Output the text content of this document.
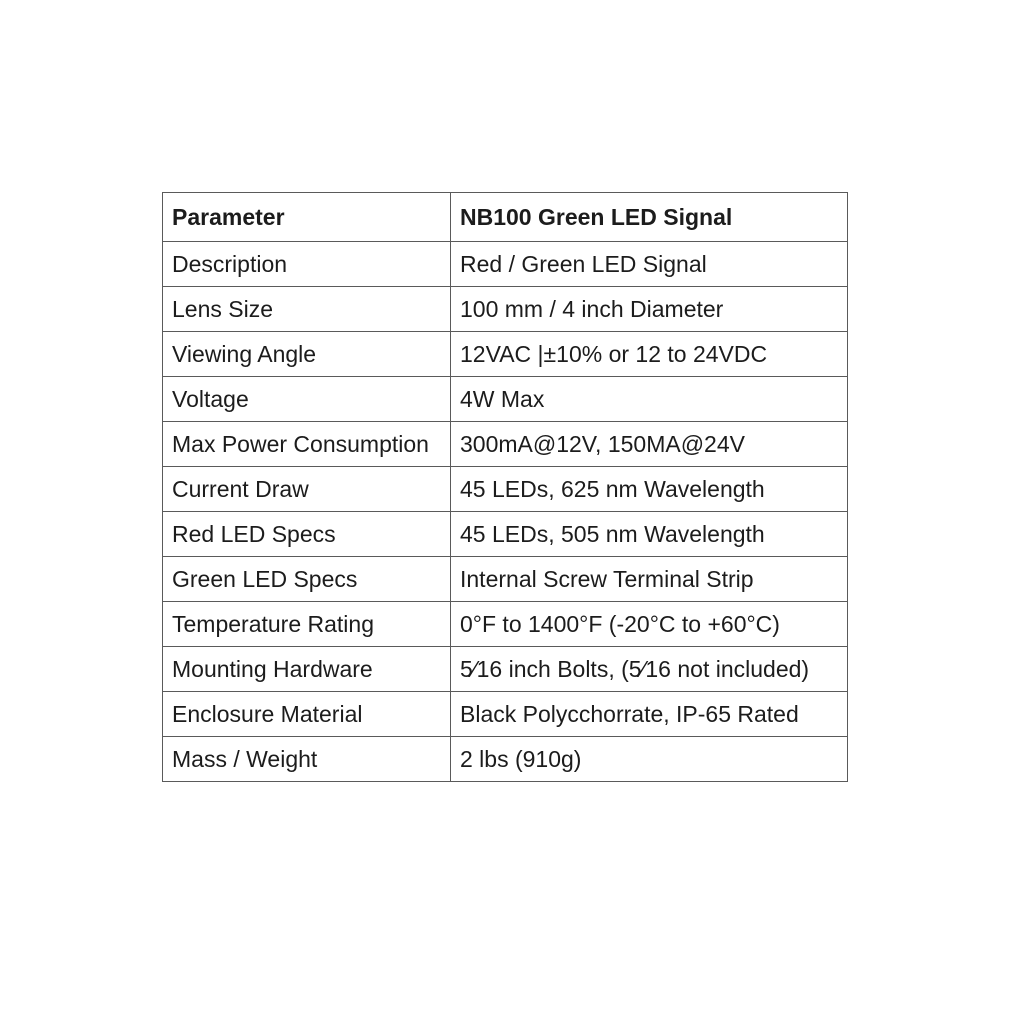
Parameter	NB100 Green LED Signal
Description	Red / Green LED Signal
Lens Size	100 mm / 4 inch Diameter
Viewing Angle	12VAC |±10% or 12 to 24VDC
Voltage	4W Max
Max Power Consumption	300mA@12V, 150MA@24V
Current Draw	45 LEDs, 625 nm Wavelength
Red LED Specs	45 LEDs, 505 nm Wavelength
Green LED Specs	Internal Screw Terminal Strip
Temperature Rating	0°F to 1400°F (-20°C to +60°C)
Mounting Hardware	5⁄16 inch Bolts, (5⁄16 not included)
Enclosure Material	Black Polycchorrate, IP-65 Rated
Mass / Weight	2 lbs (910g)
